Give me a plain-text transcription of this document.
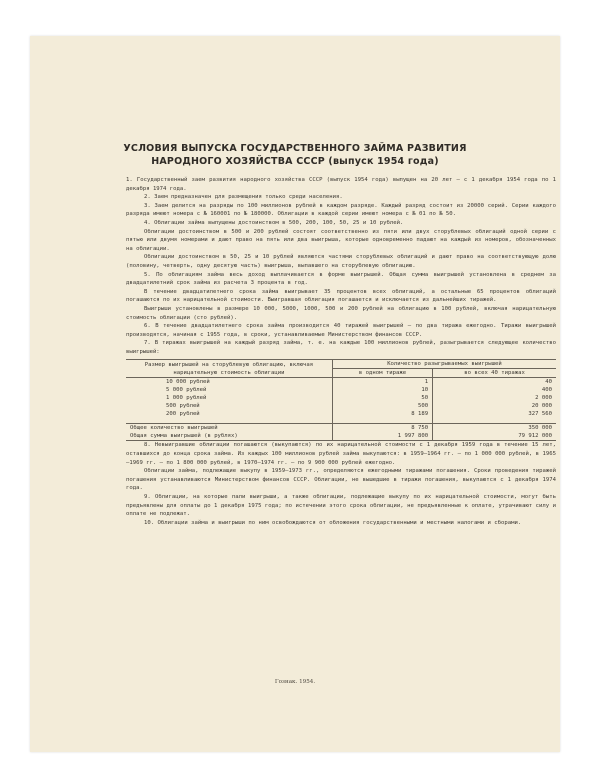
УСЛОВИЯ ВЫПУСКА ГОСУДАРСТВЕННОГО ЗАЙМА РАЗВИТИЯ
НАРОДНОГО ХОЗЯЙСТВА СССР (выпуск 1954 года)

1. Государственный заем развития народного хозяйства СССР (выпуск 1954 года) выпущен на 20 лет — с 1 декабря 1954 года по 1 декабря 1974 года.

2. Заем предназначен для размещения только среди населения.

3. Заем делится на разряды по 100 миллионов рублей в каждом разряде. Каждый разряд состоит из 20000 серий. Серии каждого разряда имеют номера с № 160001 по № 180000. Облигации в каждой серии имеют номера с № 01 по № 50.

4. Облигации займа выпущены достоинством в 500, 200, 100, 50, 25 и 10 рублей.

Облигации достоинством в 500 и 200 рублей состоят соответственно из пяти или двух сторублевых облигаций одной серии с пятью или двумя номерами и дают право на пять или два выигрыша, которые одновременно падают на каждый из номеров, обозначенных на облигации.

Облигации достоинством в 50, 25 и 10 рублей являются частями сторублевых облигаций и дают право на соответствующую долю (половину, четверть, одну десятую часть) выигрыша, выпавшего на сторублевую облигацию.

5. По облигациям займа весь доход выплачивается в форме выигрышей. Общая сумма выигрышей установлена в среднем за двадцатилетний срок займа из расчета 3 процента в год.

В течение двадцатилетнего срока займа выигрывает 35 процентов всех облигаций, а остальные 65 процентов облигаций погашаются по их нарицательной стоимости. Выигравшая облигация погашается и исключается из дальнейших тиражей.

Выигрыши установлены в размере 10 000, 5000, 1000, 500 и 200 рублей на облигацию в 100 рублей, включая нарицательную стоимость облигации (сто рублей).

6. В течение двадцатилетнего срока займа производится 40 тиражей выигрышей — по два тиража ежегодно. Тиражи выигрышей производятся, начиная с 1955 года, в сроки, устанавливаемые Министерством финансов СССР.

7. В тиражах выигрышей на каждый разряд займа, т. е. на каждые 100 миллионов рублей, разыгрывается следующее количество выигрышей:

Размер выигрышей на сторублевую облигацию, включая нарицательную стоимость облигации	Количество разыгрываемых выигрышей	
	в одном тираже	во всех 40 тиражах
10 000 рублей	1	40
5 000 рублей	10	400
1 000 рублей	50	2 000
500 рублей	500	20 000
200 рублей	8 189	327 560
Общее количество выигрышей	8 750	350 000
Общая сумма выигрышей (в рублях)	1 997 800	79 912 000

8. Невыигравшие облигации погашаются (выкупаются) по их нарицательной стоимости с 1 декабря 1959 года в течение 15 лет, оставшихся до конца срока займа. Из каждых 100 миллионов рублей займа выкупаются: в 1959—1964 гг. — по 1 000 000 рублей, в 1965—1969 гг. — по 1 800 000 рублей, в 1970—1974 гг. — по 9 900 000 рублей ежегодно.

Облигации займа, подлежащие выкупу в 1959—1973 гг., определяются ежегодными тиражами погашения. Сроки проведения тиражей погашения устанавливаются Министерством финансов СССР. Облигации, не вышедшие в тиражи погашения, выкупаются с 1 декабря 1974 года.

9. Облигации, на которые пали выигрыши, а также облигации, подлежащие выкупу по их нарицательной стоимости, могут быть предъявлены для оплаты до 1 декабря 1975 года; по истечении этого срока облигации, не предъявленные к оплате, утрачивают силу и оплате не подлежат.

10. Облигации займа и выигрыши по ним освобождаются от обложения государственными и местными налогами и сборами.

Гознак. 1954.
